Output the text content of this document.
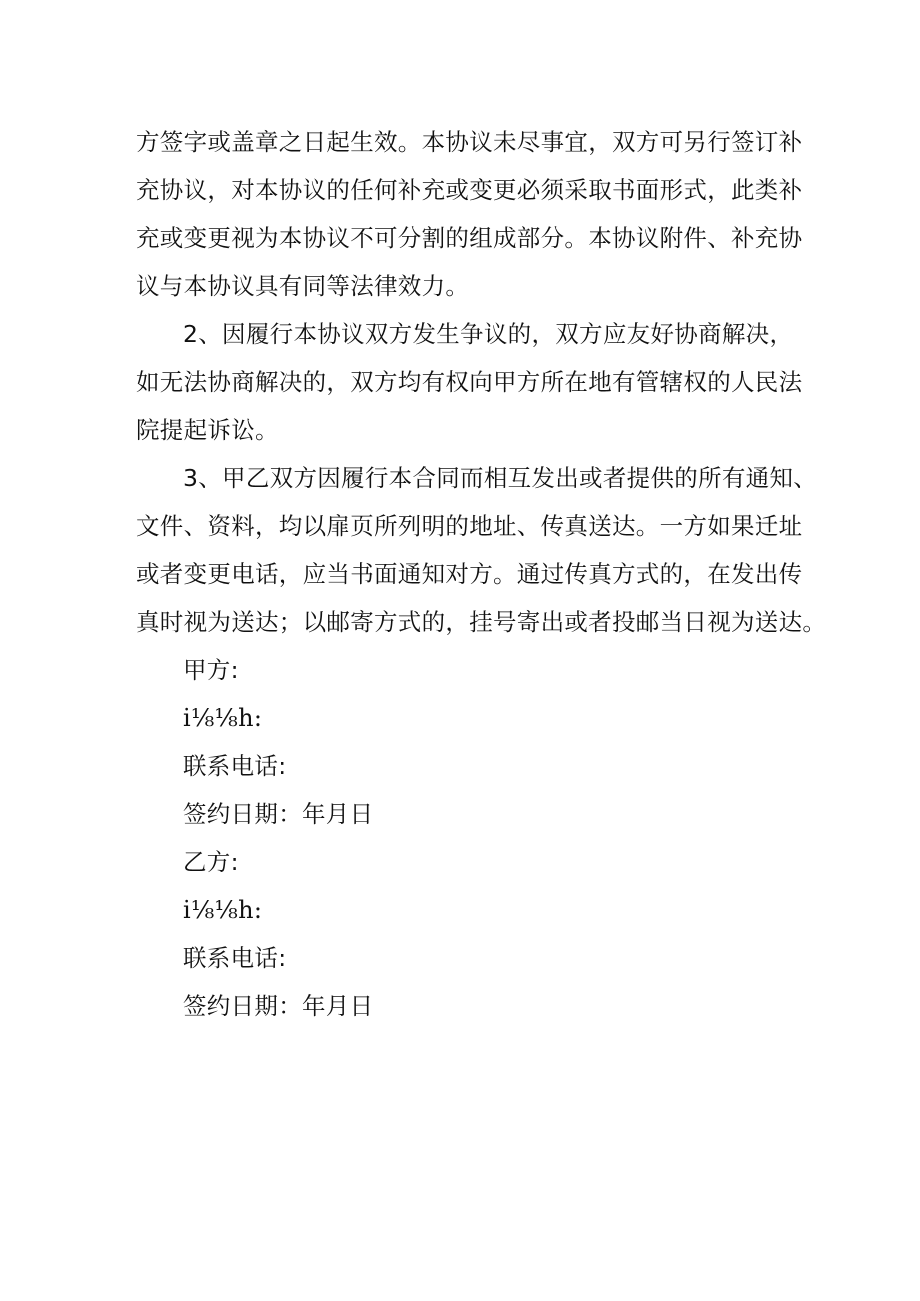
方签字或盖章之日起生效。本协议未尽事宜，双方可另行签订补
充协议，对本协议的任何补充或变更必须采取书面形式，此类补
充或变更视为本协议不可分割的组成部分。本协议附件、补充协
议与本协议具有同等法律效力。
2、因履行本协议双方发生争议的，双方应友好协商解决，
如无法协商解决的，双方均有权向甲方所在地有管辖权的人民法
院提起诉讼。
3、甲乙双方因履行本合同而相互发出或者提供的所有通知、
文件、资料，均以扉页所列明的地址、传真送达。一方如果迁址
或者变更电话，应当书面通知对方。通过传真方式的，在发出传
真时视为送达；以邮寄方式的，挂号寄出或者投邮当日视为送达。
甲方:
i⅛⅛h:
联系电话:
签约日期：年月日
乙方:
i⅛⅛h:
联系电话:
签约日期：年月日
